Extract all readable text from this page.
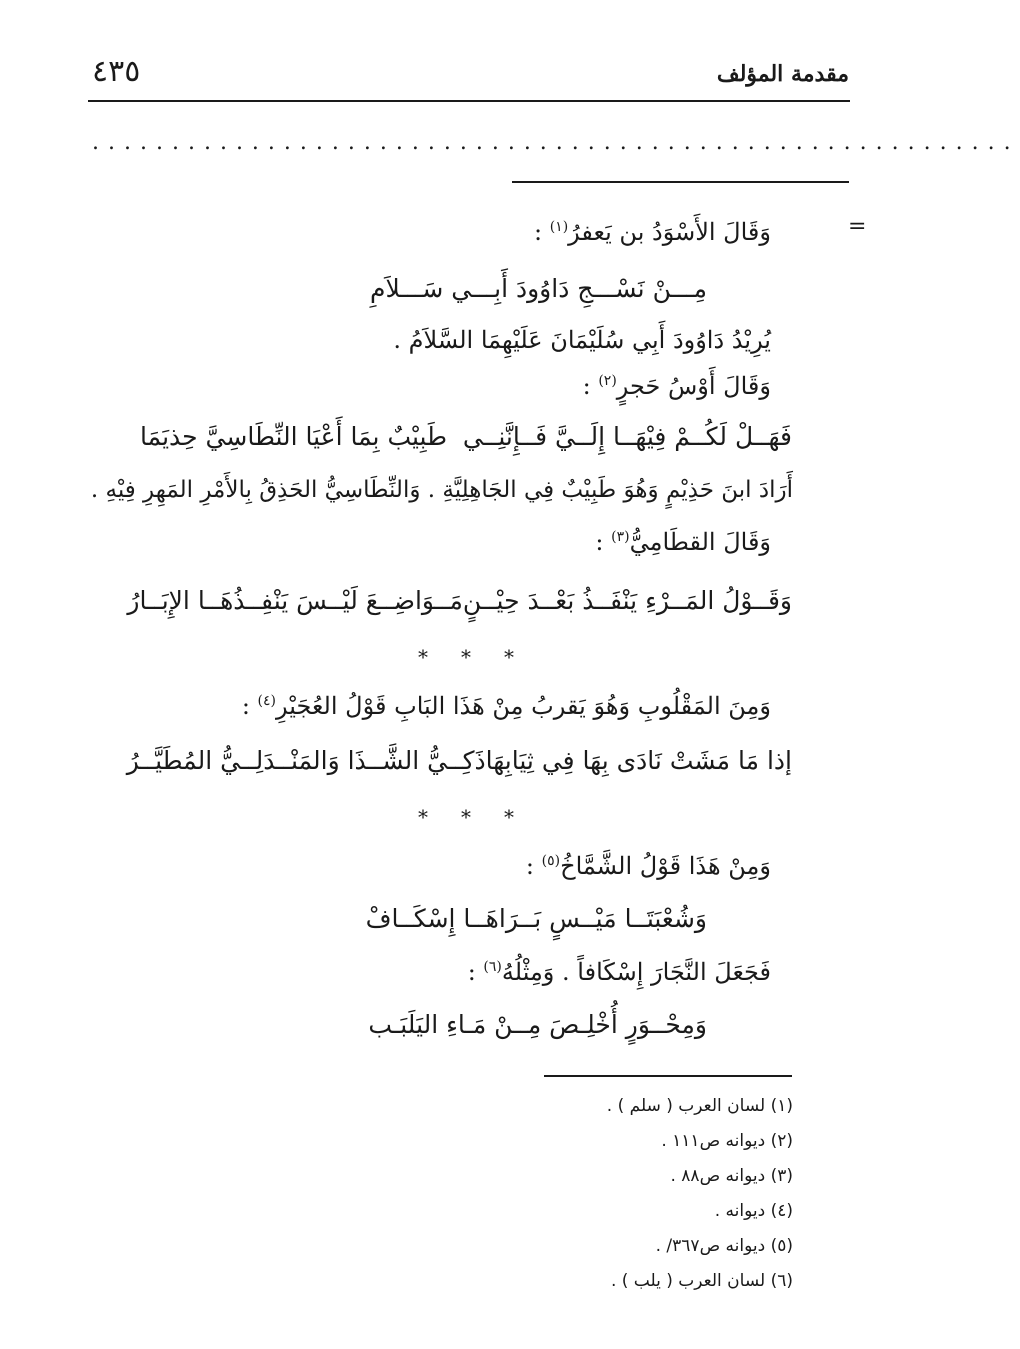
٤٣٥	مقدمة المؤلف
..........................................................
=
وَقَالَ الأَسْوَدُ بن يَعفرُ$^{(١)}$ :
مِـــنْ نَسْـــجِ دَاوُودَ أَبِـــي سَـــلاَمِ
يُرِيْدُ دَاوُودَ أَبِي سُلَيْمَانَ عَلَيْهِمَا السَّلاَمُ .
وَقَالَ أَوْسُ حَجرٍ$^{(٢)}$ :
فَهَــلْ لَكُــمْ فِيْهَــا إِلَــيَّ فَــإِنَّنِــي
طَبِيْبٌ بِمَا أَعْيَا النِّطَاسِيَّ حِذيَمَا
أَرَادَ ابنَ حَذِيْمٍ وَهُوَ طَبِيْبٌ فِي الجَاهِلِيَّةِ . وَالنِّطَاسِيُّ الحَذِقُ بِالأَمْرِ المَهِرِ فِيْهِ .
وَقَالَ القطَامِيُّ$^{(٣)}$ :
وَقَــوْلُ المَــرْءِ يَنْفَــذُ بَعْــدَ حِيْــنٍ
مَــوَاضِــعَ لَيْــسَ يَنْفِــذُهَــا الإِبَــارُ
* * *
وَمِنَ المَقْلُوبِ وَهُوَ يَقربُ مِنْ هَذَا البَابِ قَوْلُ العُجَيْرِ$^{(٤)}$ :
إذا مَا مَشَتْ نَادَى بِهَا فِي ثِيَابِهَا
ذَكِــيُّ الشَّــذَا وَالمَنْــدَلِــيُّ المُطَيَّــرُ
* * *
وَمِنْ هَذَا قَوْلُ الشَّمَّاخُ$^{(٥)}$ :
وَشُعْبَتَــا مَيْــسٍ بَــرَاهَــا إِسْكَــافْ
فَجَعَلَ النَّجَارَ إِسْكَافاً . وَمِثْلُهُ$^{(٦)}$ :
وَمِحْــوَرٍ أُخْلِـصَ مِــنْ مَـاءِ اليَلَبَـب
(١) لسان العرب ( سلم ) .
(٢) ديوانه ص١١١ .
(٣) ديوانه ص٨٨ .
(٤) ديوانه .
(٥) ديوانه ص٣٦٧/ .
(٦) لسان العرب ( يلب ) .
